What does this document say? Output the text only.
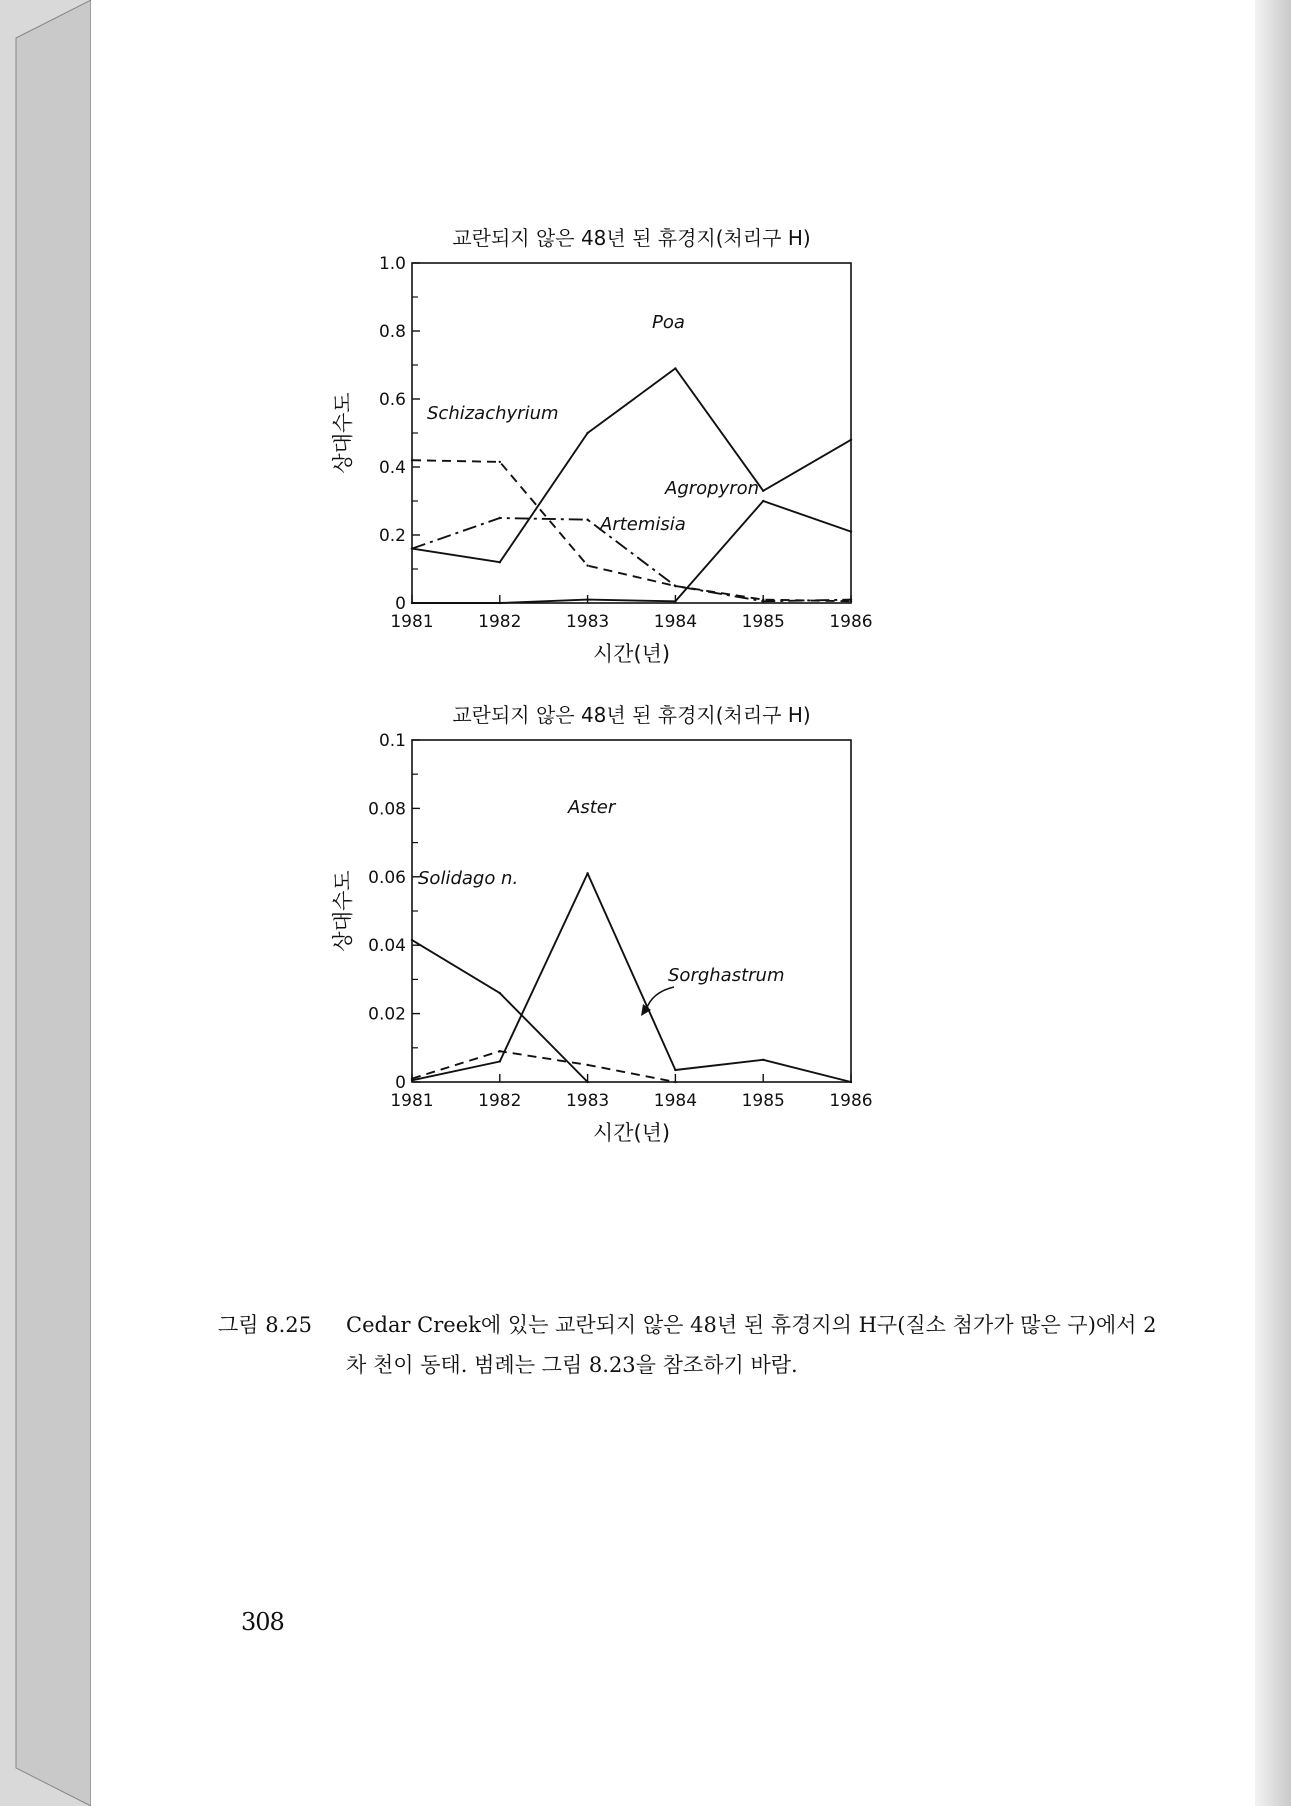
교란되지 않은 48년 된 휴경지(처리구 H)
0
0.2
0.4
0.6
0.8
1.0
1981	1982	1983	1984	1985	1986
시간(년)
상대수도
Poa
Schizachyrium
Artemisia
Agropyron
교란되지 않은 48년 된 휴경지(처리구 H)
0
0.02
0.04
0.06
0.08
0.1
1981	1982	1983	1984	1985	1986
시간(년)
상대수도
Aster
Solidago n.
Sorghastrum
그림 8.25 Cedar Creek에 있는 교란되지 않은 48년 된 휴경지의 H구(질소 첨가가 많은 구)에서 2차 천이 동태. 범례는 그림 8.23을 참조하기 바람.
308
